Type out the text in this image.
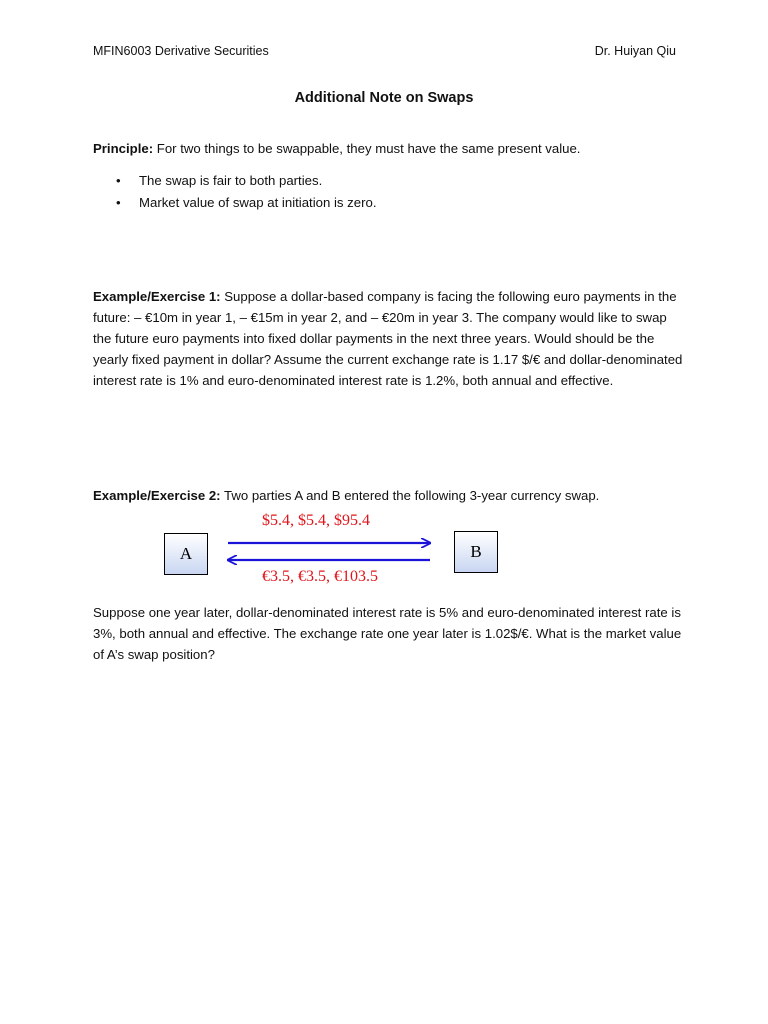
MFIN6003 Derivative Securities	Dr. Huiyan Qiu
Additional Note on Swaps
Principle: For two things to be swappable, they must have the same present value.
• The swap is fair to both parties.
• Market value of swap at initiation is zero.
Example/Exercise 1: Suppose a dollar-based company is facing the following euro payments in the future: – €10m in year 1, – €15m in year 2, and – €20m in year 3. The company would like to swap the future euro payments into fixed dollar payments in the next three years. Would should be the yearly fixed payment in dollar? Assume the current exchange rate is 1.17 $/€ and dollar-denominated interest rate is 1% and euro-denominated interest rate is 1.2%, both annual and effective.
Example/Exercise 2: Two parties A and B entered the following 3-year currency swap.
A	B
$5.4, $5.4, $95.4
€3.5, €3.5, €103.5
Suppose one year later, dollar-denominated interest rate is 5% and euro-denominated interest rate is 3%, both annual and effective. The exchange rate one year later is 1.02$/€. What is the market value of A’s swap position?
